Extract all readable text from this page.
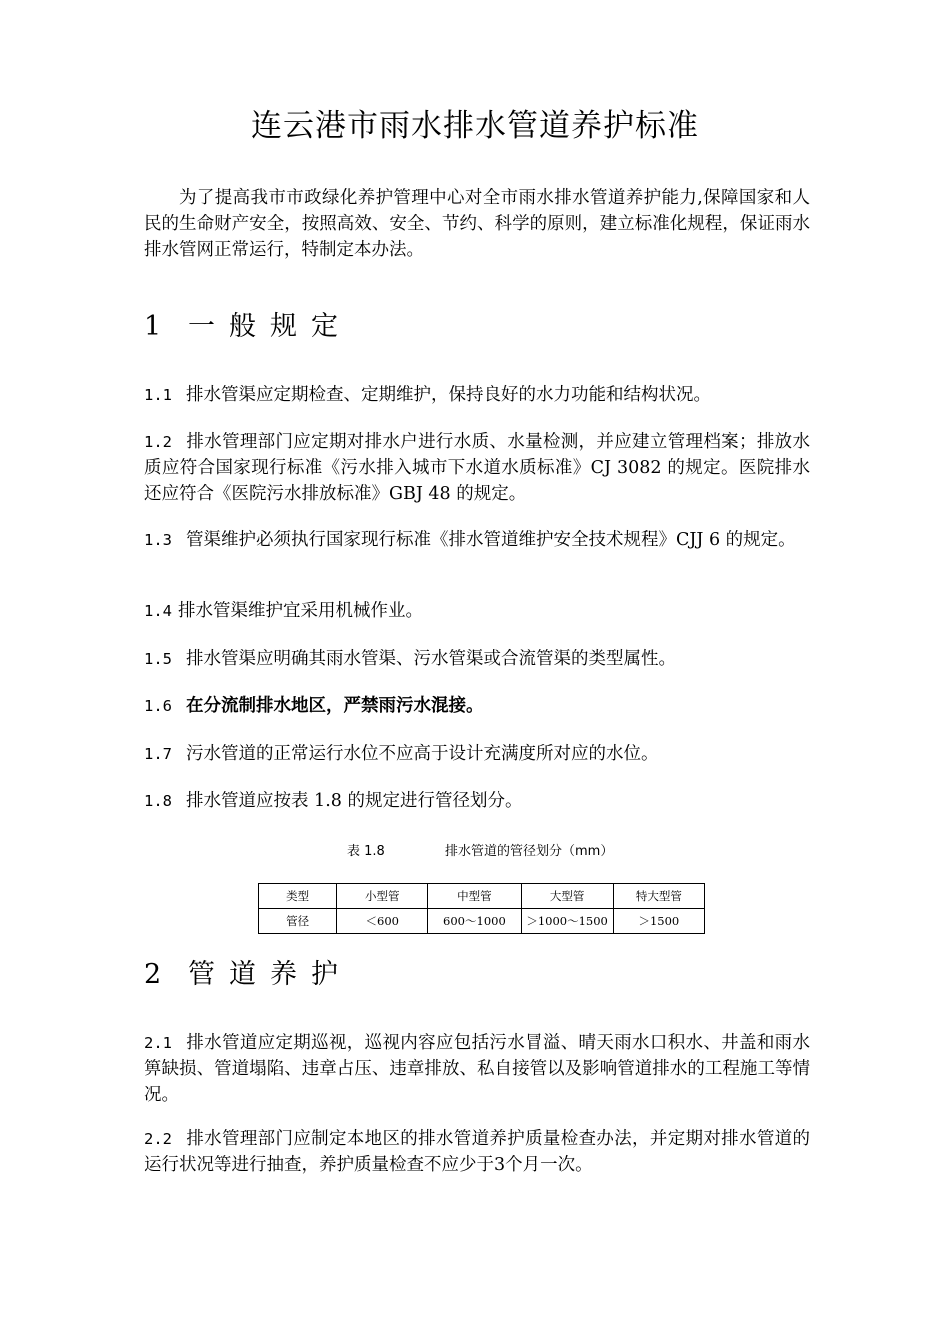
连云港市雨水排水管道养护标准

为了提高我市市政绿化养护管理中心对全市雨水排水管道养护能力,保障国家和人民的生命财产安全，按照高效、安全、节约、科学的原则，建立标准化规程，保证雨水排水管网正常运行，特制定本办法。

1 一般规定

1.1 排水管渠应定期检查、定期维护，保持良好的水力功能和结构状况。

1.2 排水管理部门应定期对排水户进行水质、水量检测，并应建立管理档案；排放水质应符合国家现行标准《污水排入城市下水道水质标准》CJ 3082 的规定。医院排水还应符合《医院污水排放标准》GBJ 48 的规定。

1.3 管渠维护必须执行国家现行标准《排水管道维护安全技术规程》CJJ 6 的规定。

1.4 排水管渠维护宜采用机械作业。

1.5 排水管渠应明确其雨水管渠、污水管渠或合流管渠的类型属性。

1.6 在分流制排水地区，严禁雨污水混接。

1.7 污水管道的正常运行水位不应高于设计充满度所对应的水位。

1.8 排水管道应按表 1.8 的规定进行管径划分。

表 1.8	排水管道的管径划分（mm）
类型	小型管	中型管	大型管	特大型管
管径	＜600	600～1000	＞1000～1500	＞1500
2 管道养护

2.1 排水管道应定期巡视，巡视内容应包括污水冒溢、晴天雨水口积水、井盖和雨水箅缺损、管道塌陷、违章占压、违章排放、私自接管以及影响管道排水的工程施工等情况。

2.2 排水管理部门应制定本地区的排水管道养护质量检查办法，并定期对排水管道的运行状况等进行抽查，养护质量检查不应少于3个月一次。
